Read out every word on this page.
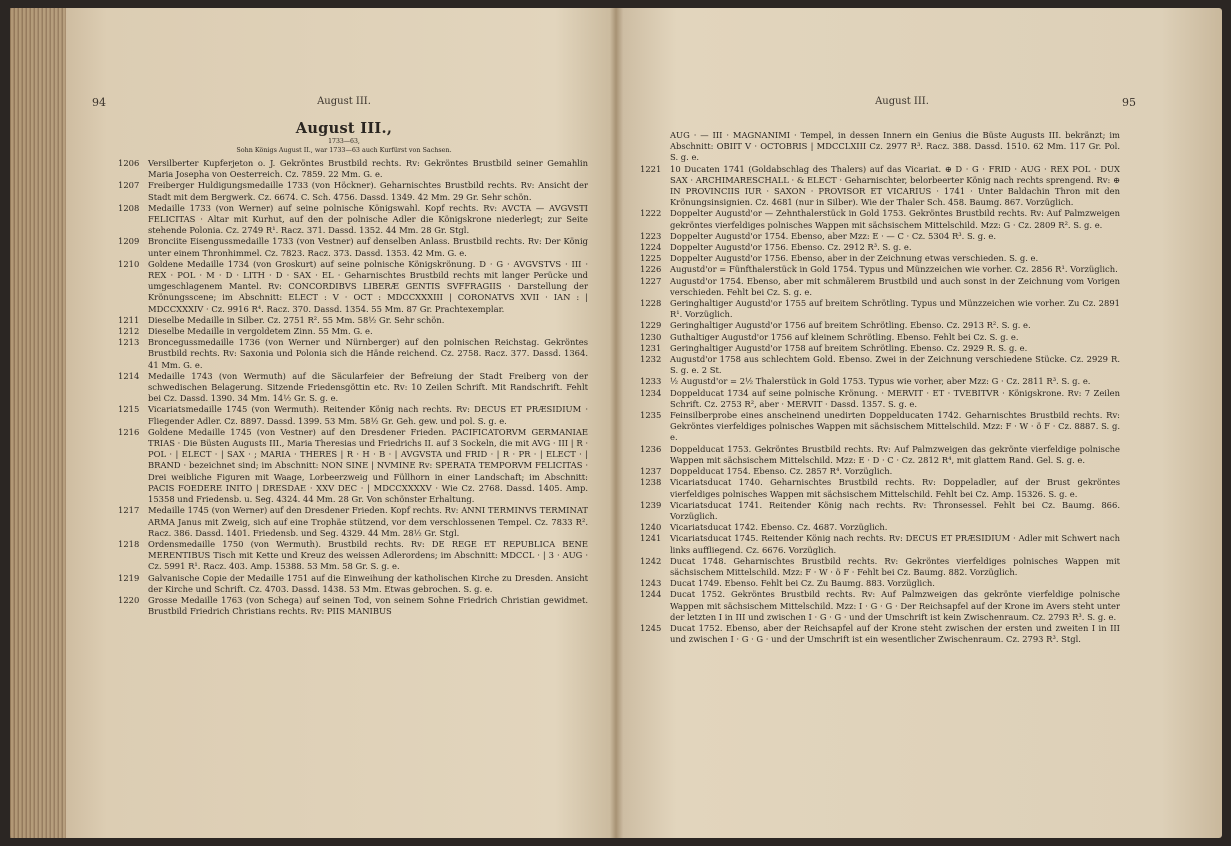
94	August III.
August III.,
1733—63,
Sohn Königs August II., war 1733—63 auch Kurfürst von Sachsen.

1206	Versilberter Kupferjeton o. J. Gekröntes Brustbild rechts. Rv: Gekröntes Brustbild seiner Gemahlin Maria Josepha von Oesterreich. Cz. 7859. 22 Mm. G. e.

1207	Freiberger Huldigungsmedaille 1733 (von Höckner). Geharnischtes Brustbild rechts. Rv: Ansicht der Stadt mit dem Bergwerk. Cz. 6674. C. Sch. 4756. Dassd. 1349. 42 Mm. 29 Gr. Sehr schön.

1208	Medaille 1733 (von Werner) auf seine polnische Königswahl. Kopf rechts. Rv: AVCTA — AVGVSTI FELICITAS · Altar mit Kurhut, auf den der polnische Adler die Königskrone niederlegt; zur Seite stehende Polonia. Cz. 2749 R¹. Racz. 371. Dassd. 1352. 44 Mm. 28 Gr. Stgl.

1209	Bronciite Eisengussmedaille 1733 (von Vestner) auf denselben Anlass. Brustbild rechts. Rv: Der König unter einem Thronhimmel. Cz. 7823. Racz. 373. Dassd. 1353. 42 Mm. G. e.

1210	Goldene Medaille 1734 (von Groskurt) auf seine polnische Königskrönung. D · G · AVGVSTVS · III · REX · POL · M · D · LITH · D · SAX · EL · Geharnischtes Brustbild rechts mit langer Perücke und umgeschlagenem Mantel. Rv: CONCORDIBVS LIBERÆ GENTIS SVFFRAGIIS · Darstellung der Krönungsscene; im Abschnitt: ELECT : V · OCT : MDCCXXXIII | CORONATVS XVII · IAN : | MDCCXXXIV · Cz. 9916 R⁴. Racz. 370. Dassd. 1354. 55 Mm. 87 Gr. Prachtexemplar.

1211	Dieselbe Medaille in Silber. Cz. 2751 R². 55 Mm. 58½ Gr. Sehr schön.

1212	Dieselbe Medaille in vergoldetem Zinn. 55 Mm. G. e.

1213	Broncegussmedaille 1736 (von Werner und Nürnberger) auf den polnischen Reichstag. Gekröntes Brustbild rechts. Rv: Saxonia und Polonia sich die Hände reichend. Cz. 2758. Racz. 377. Dassd. 1364. 41 Mm. G. e.

1214	Medaille 1743 (von Wermuth) auf die Säcularfeier der Befreiung der Stadt Freiberg von der schwedischen Belagerung. Sitzende Friedensgöttin etc. Rv: 10 Zeilen Schrift. Mit Randschrift. Fehlt bei Cz. Dassd. 1390. 34 Mm. 14½ Gr. S. g. e.

1215	Vicariatsmedaille 1745 (von Wermuth). Reitender König nach rechts. Rv: DECUS ET PRÆSIDIUM · Fliegender Adler. Cz. 8897. Dassd. 1399. 53 Mm. 58½ Gr. Geh. gew. und pol. S. g. e.

1216	Goldene Medaille 1745 (von Vestner) auf den Dresdener Frieden. PACIFICATORVM GERMANIAE TRIAS · Die Büsten Augusts III., Maria Theresias und Friedrichs II. auf 3 Sockeln, die mit AVG · III | R · POL · | ELECT · | SAX · ; MARIA · THERES | R · H · B · | AVGVSTA und FRID · | R · PR · | ELECT · | BRAND · bezeichnet sind; im Abschnitt: NON SINE | NVMINE Rv: SPERATA TEMPORVM FELICITAS · Drei weibliche Figuren mit Waage, Lorbeerzweig und Füllhorn in einer Landschaft; im Abschnitt: PACIS FOEDERE INITO | DRESDAE · XXV DEC · | MDCCXXXXV · Wie Cz. 2768. Dassd. 1405. Amp. 15358 und Friedensb. u. Seg. 4324. 44 Mm. 28 Gr. Von schönster Erhaltung.

1217	Medaille 1745 (von Werner) auf den Dresdener Frieden. Kopf rechts. Rv: ANNI TERMINVS TERMINAT ARMA Janus mit Zweig, sich auf eine Trophäe stützend, vor dem verschlossenen Tempel. Cz. 7833 R². Racz. 386. Dassd. 1401. Friedensb. und Seg. 4329. 44 Mm. 28½ Gr. Stgl.

1218	Ordensmedaille 1750 (von Wermuth). Brustbild rechts. Rv: DE REGE ET REPUBLICA BENE MERENTIBUS Tisch mit Kette und Kreuz des weissen Adlerordens; im Abschnitt: MDCCL · | 3 · AUG · Cz. 5991 R¹. Racz. 403. Amp. 15388. 53 Mm. 58 Gr. S. g. e.

1219	Galvanische Copie der Medaille 1751 auf die Einweihung der katholischen Kirche zu Dresden. Ansicht der Kirche und Schrift. Cz. 4703. Dassd. 1438. 53 Mm. Etwas gebrochen. S. g. e.

1220	Grosse Medaille 1763 (von Schega) auf seinen Tod, von seinem Sohne Friedrich Christian gewidmet. Brustbild Friedrich Christians rechts. Rv: PIIS MANIBUS

August III.	95

AUG · — III · MAGNANIMI · Tempel, in dessen Innern ein Genius die Büste Augusts III. bekränzt; im Abschnitt: OBIIT V · OCTOBRIS | MDCCLXIII Cz. 2977 R³. Racz. 388. Dassd. 1510. 62 Mm. 117 Gr. Pol. S. g. e.

1221	10 Ducaten 1741 (Goldabschlag des Thalers) auf das Vicariat. ⊕ D · G · FRID · AUG · REX POL · DUX SAX · ARCHIMARESCHALL · & ELECT · Geharnischter, belorbeerter König nach rechts sprengend. Rv: ⊕ IN PROVINCIIS IUR · SAXON · PROVISOR ET VICARIUS · 1741 · Unter Baldachin Thron mit den Krönungsinsignien. Cz. 4681 (nur in Silber). Wie der Thaler Sch. 458. Baumg. 867. Vorzüglich.

1222	Doppelter Augustd'or — Zehnthalerstück in Gold 1753. Gekröntes Brustbild rechts. Rv: Auf Palmzweigen gekröntes vierfeldiges polnisches Wappen mit sächsischem Mittelschild. Mzz: G · Cz. 2809 R². S. g. e.

1223	Doppelter Augustd'or 1754. Ebenso, aber Mzz: E · — C · Cz. 5304 R³. S. g. e.

1224	Doppelter Augustd'or 1756. Ebenso. Cz. 2912 R³. S. g. e.

1225	Doppelter Augustd'or 1756. Ebenso, aber in der Zeichnung etwas verschieden. S. g. e.

1226	Augustd'or = Fünfthalerstück in Gold 1754. Typus und Münzzeichen wie vorher. Cz. 2856 R¹. Vorzüglich.

1227	Augustd'or 1754. Ebenso, aber mit schmälerem Brustbild und auch sonst in der Zeichnung vom Vorigen verschieden. Fehlt bei Cz. S. g. e.

1228	Geringhaltiger Augustd'or 1755 auf breitem Schrötling. Typus und Münzzeichen wie vorher. Zu Cz. 2891 R¹. Vorzüglich.

1229	Geringhaltiger Augustd'or 1756 auf breitem Schrötling. Ebenso. Cz. 2913 R². S. g. e.

1230	Guthaltiger Augustd'or 1756 auf kleinem Schrötling. Ebenso. Fehlt bei Cz. S. g. e.

1231	Geringhaltiger Augustd'or 1758 auf breitem Schrötling. Ebenso. Cz. 2929 R. S. g. e.

1232	Augustd'or 1758 aus schlechtem Gold. Ebenso. Zwei in der Zeichnung verschiedene Stücke. Cz. 2929 R. S. g. e. 2 St.

1233	½ Augustd'or = 2½ Thalerstück in Gold 1753. Typus wie vorher, aber Mzz: G · Cz. 2811 R³. S. g. e.

1234	Doppelducat 1734 auf seine polnische Krönung. · MERVIT · ET · TVEBITVR · Königskrone. Rv: 7 Zeilen Schrift. Cz. 2753 R², aber · MERVIT · Dassd. 1357. S. g. e.

1235	Feinsilberprobe eines anscheinend unedirten Doppelducaten 1742. Geharnischtes Brustbild rechts. Rv: Gekröntes vierfeldiges polnisches Wappen mit sächsischem Mittelschild. Mzz: F · W · ö F · Cz. 8887. S. g. e.

1236	Doppelducat 1753. Gekröntes Brustbild rechts. Rv: Auf Palmzweigen das gekrönte vierfeldige polnische Wappen mit sächsischem Mittelschild. Mzz: E · D · C · Cz. 2812 R⁴, mit glattem Rand. Gel. S. g. e.

1237	Doppelducat 1754. Ebenso. Cz. 2857 R⁴. Vorzüglich.

1238	Vicariatsducat 1740. Geharnischtes Brustbild rechts. Rv: Doppeladler, auf der Brust gekröntes vierfeldiges polnisches Wappen mit sächsischem Mittelschild. Fehlt bei Cz. Amp. 15326. S. g. e.

1239	Vicariatsducat 1741. Reitender König nach rechts. Rv: Thronsessel. Fehlt bei Cz. Baumg. 866. Vorzüglich.

1240	Vicariatsducat 1742. Ebenso. Cz. 4687. Vorzüglich.

1241	Vicariatsducat 1745. Reitender König nach rechts. Rv: DECUS ET PRÆSIDIUM · Adler mit Schwert nach links auffliegend. Cz. 6676. Vorzüglich.

1242	Ducat 1748. Geharnischtes Brustbild rechts. Rv: Gekröntes vierfeldiges polnisches Wappen mit sächsischem Mittelschild. Mzz: F · W · ö F · Fehlt bei Cz. Baumg. 882. Vorzüglich.

1243	Ducat 1749. Ebenso. Fehlt bei Cz. Zu Baumg. 883. Vorzüglich.

1244	Ducat 1752. Gekröntes Brustbild rechts. Rv: Auf Palmzweigen das gekrönte vierfeldige polnische Wappen mit sächsischem Mittelschild. Mzz: I · G · G · Der Reichsapfel auf der Krone im Avers steht unter der letzten I in III und zwischen I · G · G · und der Umschrift ist kein Zwischenraum. Cz. 2793 R³. S. g. e.

1245	Ducat 1752. Ebenso, aber der Reichsapfel auf der Krone steht zwischen der ersten und zweiten I in III und zwischen I · G · G · und der Umschrift ist ein wesentlicher Zwischenraum. Cz. 2793 R³. Stgl.
